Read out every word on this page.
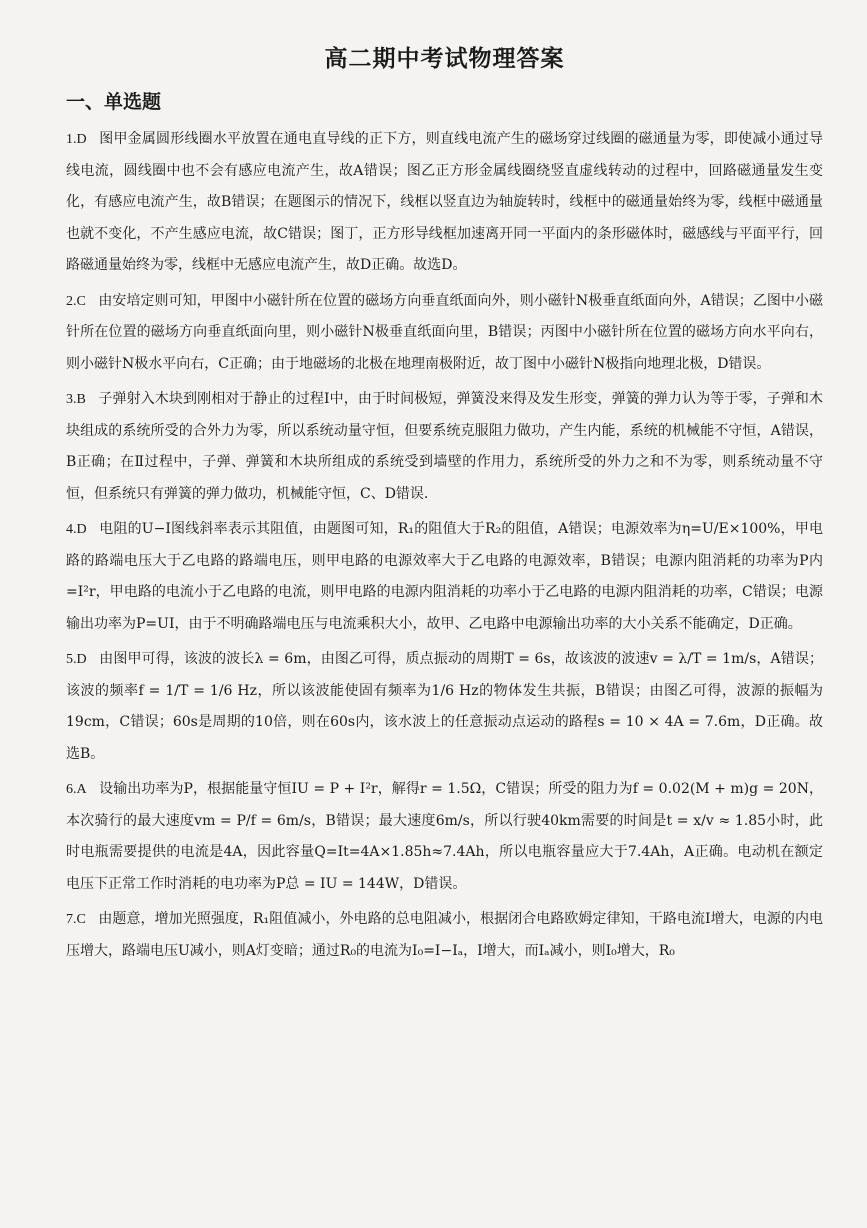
高二期中考试物理答案
一、单选题

1.D 图甲金属圆形线圈水平放置在通电直导线的正下方，则直线电流产生的磁场穿过线圈的磁通量为零，即使减小通过导线电流，圆线圈中也不会有感应电流产生，故A错误；图乙正方形金属线圈绕竖直虚线转动的过程中，回路磁通量发生变化，有感应电流产生，故B错误；在题图示的情况下，线框以竖直边为轴旋转时，线框中的磁通量始终为零，线框中磁通量也就不变化，不产生感应电流，故C错误；图丁，正方形导线框加速离开同一平面内的条形磁体时，磁感线与平面平行，回路磁通量始终为零，线框中无感应电流产生，故D正确。故选D。

2.C 由安培定则可知，甲图中小磁针所在位置的磁场方向垂直纸面向外，则小磁针N极垂直纸面向外，A错误；乙图中小磁针所在位置的磁场方向垂直纸面向里，则小磁针N极垂直纸面向里，B错误；丙图中小磁针所在位置的磁场方向水平向右，则小磁针N极水平向右，C正确；由于地磁场的北极在地理南极附近，故丁图中小磁针N极指向地理北极，D错误。

3.B 子弹射入木块到刚相对于静止的过程Ⅰ中，由于时间极短，弹簧没来得及发生形变，弹簧的弹力认为等于零，子弹和木块组成的系统所受的合外力为零，所以系统动量守恒，但要系统克服阻力做功，产生内能，系统的机械能不守恒，A错误，B正确；在Ⅱ过程中，子弹、弹簧和木块所组成的系统受到墙壁的作用力，系统所受的外力之和不为零，则系统动量不守恒，但系统只有弹簧的弹力做功，机械能守恒，C、D错误.

4.D 电阻的U−I图线斜率表示其阻值，由题图可知，R₁的阻值大于R₂的阻值，A错误；电源效率为η=U/E×100%，甲电路的路端电压大于乙电路的路端电压，则甲电路的电源效率大于乙电路的电源效率，B错误；电源内阻消耗的功率为P内=I²r，甲电路的电流小于乙电路的电流，则甲电路的电源内阻消耗的功率小于乙电路的电源内阻消耗的功率，C错误；电源输出功率为P=UI，由于不明确路端电压与电流乘积大小，故甲、乙电路中电源输出功率的大小关系不能确定，D正确。

5.D 由图甲可得，该波的波长λ = 6m，由图乙可得，质点振动的周期T = 6s，故该波的波速v = λ/T = 1m/s，A错误；该波的频率f = 1/T = 1/6 Hz，所以该波能使固有频率为1/6 Hz的物体发生共振，B错误；由图乙可得，波源的振幅为19cm，C错误；60s是周期的10倍，则在60s内，该水波上的任意振动点运动的路程s = 10 × 4A = 7.6m，D正确。故选B。

6.A 设输出功率为P，根据能量守恒IU = P + I²r，解得r = 1.5Ω，C错误；所受的阻力为f = 0.02(M + m)g = 20N，本次骑行的最大速度vm = P/f = 6m/s，B错误；最大速度6m/s，所以行驶40km需要的时间是t = x/v ≈ 1.85小时，此时电瓶需要提供的电流是4A，因此容量Q=It=4A×1.85h≈7.4Ah，所以电瓶容量应大于7.4Ah，A正确。电动机在额定电压下正常工作时消耗的电功率为P总 = IU = 144W，D错误。

7.C 由题意，增加光照强度，R₁阻值减小，外电路的总电阻减小，根据闭合电路欧姆定律知，干路电流I增大，电源的内电压增大，路端电压U减小，则A灯变暗；通过R₀的电流为I₀=I−Iₐ，I增大，而Iₐ减小，则I₀增大，R₀
